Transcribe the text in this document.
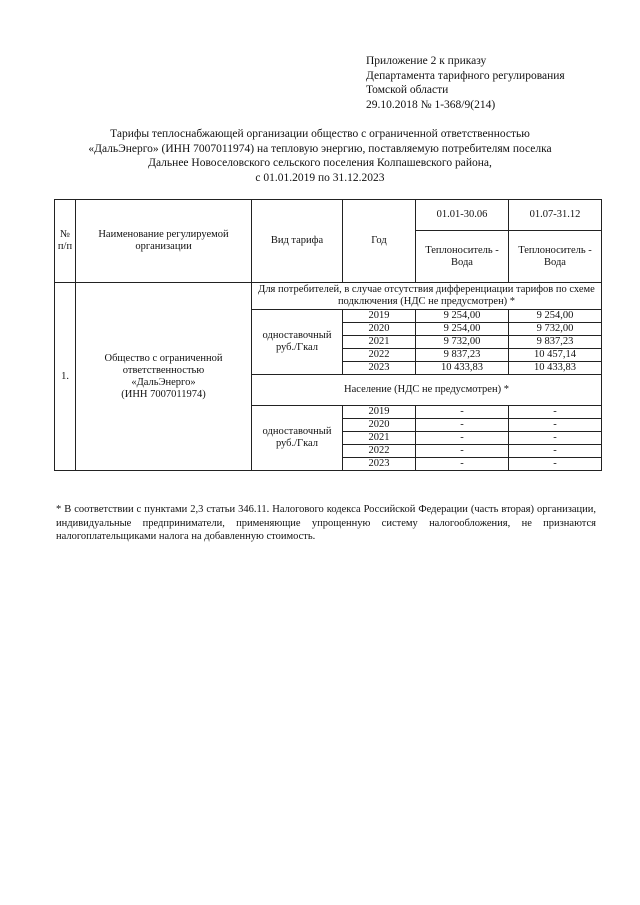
Приложение 2 к приказу
Департамента тарифного регулирования
Томской области
29.10.2018 № 1-368/9(214)
Тарифы теплоснабжающей организации общество с ограниченной ответственностью
«ДальЭнерго» (ИНН 7007011974) на тепловую энергию, поставляемую потребителям поселка
Дальнее Новоселовского сельского поселения Колпашевского района,
с 01.01.2019 по 31.12.2023
№ п/п	Наименование регулируемой организации	Вид тарифа	Год	01.01-30.06	01.07-31.12
				Теплоноситель - Вода	Теплоноситель - Вода
1.	Общество с ограниченной
ответственностью
«ДальЭнерго»
(ИНН 7007011974)	Для потребителей, в случае отсутствия дифференциации тарифов по схеме подключения (НДС не предусмотрен) *			
		одноставочный руб./Гкал	2019	9 254,00	9 254,00
			2020	9 254,00	9 732,00
			2021	9 732,00	9 837,23
			2022	9 837,23	10 457,14
			2023	10 433,83	10 433,83
		Население (НДС не предусмотрен) *			
		одноставочный руб./Гкал	2019	-	-
			2020	-	-
			2021	-	-
			2022	-	-
			2023	-	-
* В соответствии с пунктами 2,3 статьи 346.11. Налогового кодекса Российской Федерации (часть вторая) организации, индивидуальные предприниматели, применяющие упрощенную систему налогообложения, не признаются налогоплательщиками налога на добавленную стоимость.
